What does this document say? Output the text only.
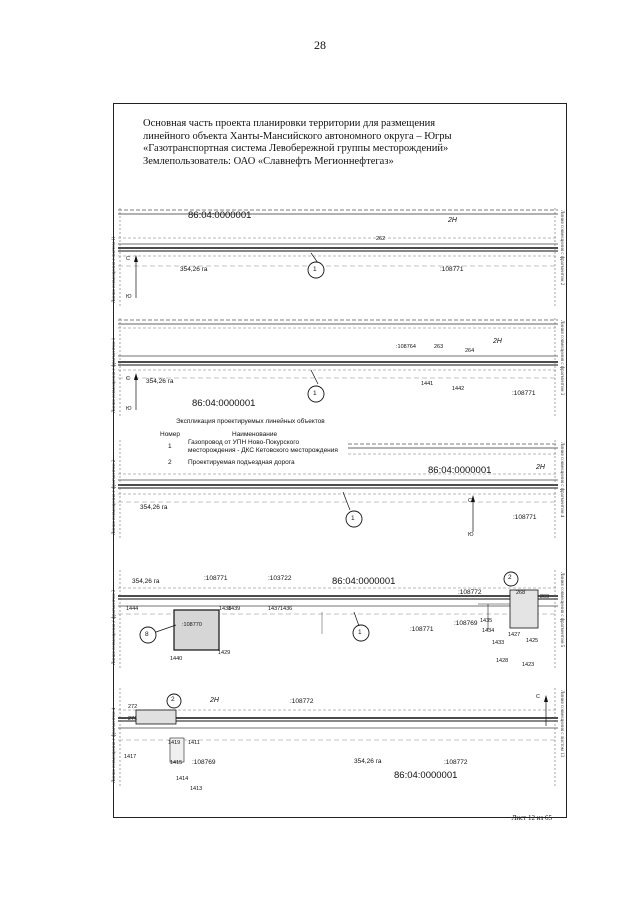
28
Основная часть проекта планировки территории для размещения
линейного объекта Ханты-Мансийского автономного округа – Югры
«Газотранспортная система Левобережной группы месторождений»
Землепользователь: ОАО «Славнефть Мегионнефтегаз»
С
Ю
86:04:0000001	2Н
262
1
354,26 га	:108771
Линия совмещения с листом 11	Линия совмещения с фрагментом 2
С
Ю
:108764	263
264
2Н
354,26 га
1
1441
1442
:108771
86:04:0000001
Линия совмещения с фрагментом 1	Линия совмещения с фрагментом 3
Экспликация проектируемых линейных объектов
Номер	Наименование
1
Газопровод от УПН Ново-Покурского
месторождения - ДКС Кетовского месторождения
2	Проектируемая подъездная дорога
86:04:0000001	2Н
354,26 га
1	:108771
С
Ю
Линия совмещения с фрагментом 2	Линия совмещения с фрагментом 4
354,26 га	:108771	:103722	86:04:0000001
:108772
2
:108770
8	1	:108771
:108769
1444	1438
1440
1437
1439	1436
1435
1434
1433
1429
1427
1425
1428
1423
268
269
Линия совмещения с фрагментом 3	Линия совмещения с фрагментом 5
2	2Н	:108772
272
271
354,26 га
:108769	:108772
86:04:0000001
1419 1411
1417
1415
1414
1413
С
Линия совмещения с фрагментом 4	Линия совмещения с листом 13
Лист 12 из 65
